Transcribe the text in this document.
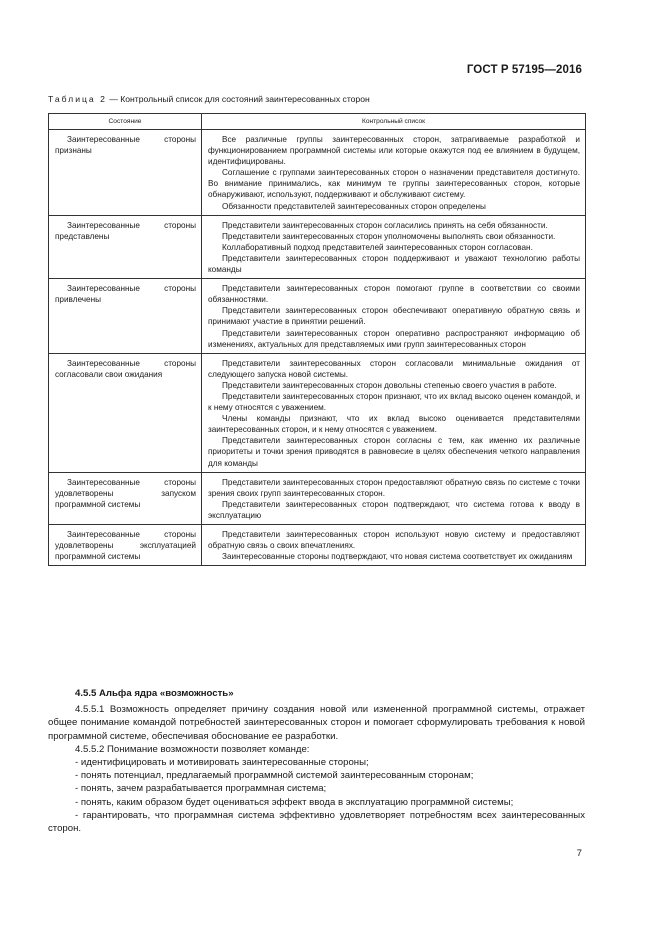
ГОСТ Р 57195—2016
Таблица 2 — Контрольный список для состояний заинтересованных сторон
Состояние	Контрольный список

Заинтересованные стороны признаны	Все различные группы заинтересованных сторон, затрагиваемые разработкой и функционированием программной системы или которые окажутся под ее влиянием в будущем, идентифицированы.

Соглашение с группами заинтересованных сторон о назначении представителя достигнуто. Во внимание принимались, как минимум те группы заинтересованных сторон, которые обнаруживают, используют, поддерживают и обслуживают систему.

Обязанности представителей заинтересованных сторон определены

Заинтересованные стороны представлены	Представители заинтересованных сторон согласились принять на себя обязанности.

Представители заинтересованных сторон уполномочены выполнять свои обязанности.

Коллаборативный подход представителей заинтересованных сторон согласован.

Представители заинтересованных сторон поддерживают и уважают технологию работы команды

Заинтересованные стороны привлечены	Представители заинтересованных сторон помогают группе в соответствии со своими обязанностями.

Представители заинтересованных сторон обеспечивают оперативную обратную связь и принимают участие в принятии решений.

Представители заинтересованных сторон оперативно распространяют информацию об изменениях, актуальных для представляемых ими групп заинтересованных сторон

Заинтересованные стороны согласовали свои ожидания	Представители заинтересованных сторон согласовали минимальные ожидания от следующего запуска новой системы.

Представители заинтересованных сторон довольны степенью своего участия в работе.

Представители заинтересованных сторон признают, что их вклад высоко оценен командой, и к нему относятся с уважением.

Члены команды признают, что их вклад высоко оценивается представителями заинтересованных сторон, и к нему относятся с уважением.

Представители заинтересованных сторон согласны с тем, как именно их различные приоритеты и точки зрения приводятся в равновесие в целях обеспечения четкого направления для команды

Заинтересованные стороны удовлетворены запуском программной системы	Представители заинтересованных сторон предоставляют обратную связь по системе с точки зрения своих групп заинтересованных сторон.

Представители заинтересованных сторон подтверждают, что система готова к вводу в эксплуатацию

Заинтересованные стороны удовлетворены эксплуатацией программной системы	Представители заинтересованных сторон используют новую систему и предоставляют обратную связь о своих впечатлениях.

Заинтересованные стороны подтверждают, что новая система соответствует их ожиданиям

4.5.5 Альфа ядра «возможность»

4.5.5.1 Возможность определяет причину создания новой или измененной программной системы, отражает общее понимание командой потребностей заинтересованных сторон и помогает сформулировать требования к новой программной системе, обеспечивая обоснование ее разработки.

4.5.5.2 Понимание возможности позволяет команде:

- идентифицировать и мотивировать заинтересованные стороны;

- понять потенциал, предлагаемый программной системой заинтересованным сторонам;

- понять, зачем разрабатывается программная система;

- понять, каким образом будет оцениваться эффект ввода в эксплуатацию программной системы;

- гарантировать, что программная система эффективно удовлетворяет потребностям всех заинтересованных сторон.

7
